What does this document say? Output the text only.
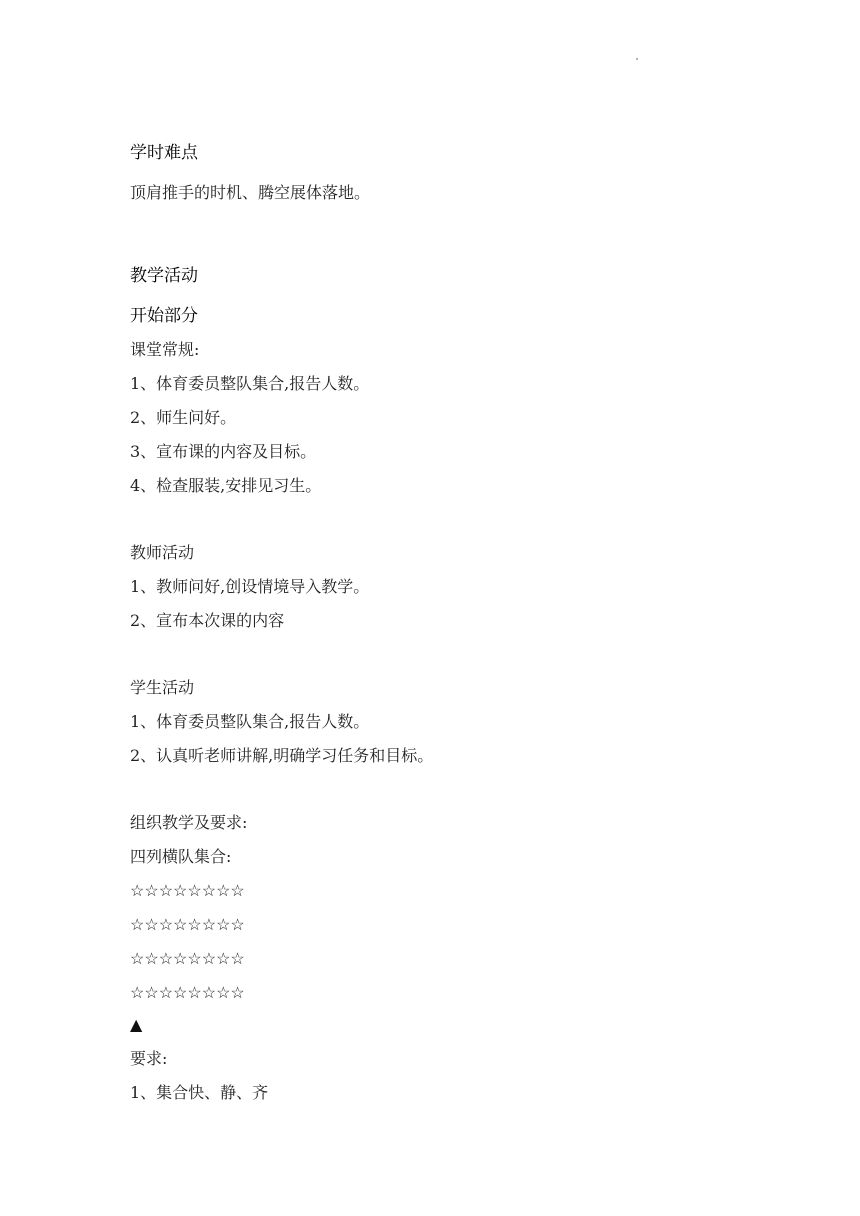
学时难点

顶肩推手的时机、腾空展体落地。

教学活动

开始部分

课堂常规:

1、体育委员整队集合,报告人数。

2、师生问好。

3、宣布课的内容及目标。

4、检查服装,安排见习生。

教师活动

1、教师问好,创设情境导入教学。

2、宣布本次课的内容

学生活动

1、体育委员整队集合,报告人数。

2、认真听老师讲解,明确学习任务和目标。

组织教学及要求:

四列横队集合:

☆☆☆☆☆☆☆☆

☆☆☆☆☆☆☆☆

☆☆☆☆☆☆☆☆

☆☆☆☆☆☆☆☆

▲

要求:

1、集合快、静、齐
